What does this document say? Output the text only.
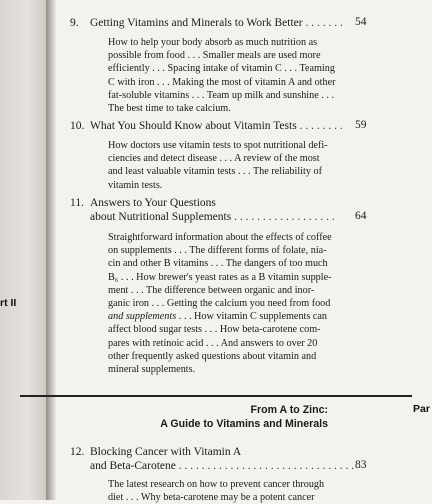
rt II
Par
9. Getting Vitamins and Minerals to Work Better . . . . . . . 54
How to help your body absorb as much nutrition as
possible from food . . . Smaller meals are used more
efficiently . . . Spacing intake of vitamin C . . . Teaming
C with iron . . . Making the most of vitamin A and other
fat-soluble vitamins . . . Team up milk and sunshine . . .
The best time to take calcium.
10. What You Should Know about Vitamin Tests . . . . . . . . 59
How doctors use vitamin tests to spot nutritional defi-
ciencies and detect disease . . . A review of the most
and least valuable vitamin tests . . . The reliability of
vitamin tests.
11. Answers to Your Questions
about Nutritional Supplements . . . . . . . . . . . . . . . . . . 64
Straightforward information about the effects of coffee
on supplements . . . The different forms of folate, nia-
cin and other B vitamins . . . The dangers of too much
B₆ . . . How brewer's yeast rates as a B vitamin supple-
ment . . . The difference between organic and inor-
ganic iron . . . Getting the calcium you need from food
and supplements . . . How vitamin C supplements can
affect blood sugar tests . . . How beta-carotene com-
pares with retinoic acid . . . And answers to over 20
other frequently asked questions about vitamin and
mineral supplements.
From A to Zinc:
A Guide to Vitamins and Minerals
12. Blocking Cancer with Vitamin A
and Beta-Carotene . . . . . . . . . . . . . . . . . . . . . . . . . . . . . . . 83
The latest research on how to prevent cancer through
diet . . . Why beta-carotene may be a potent cancer
